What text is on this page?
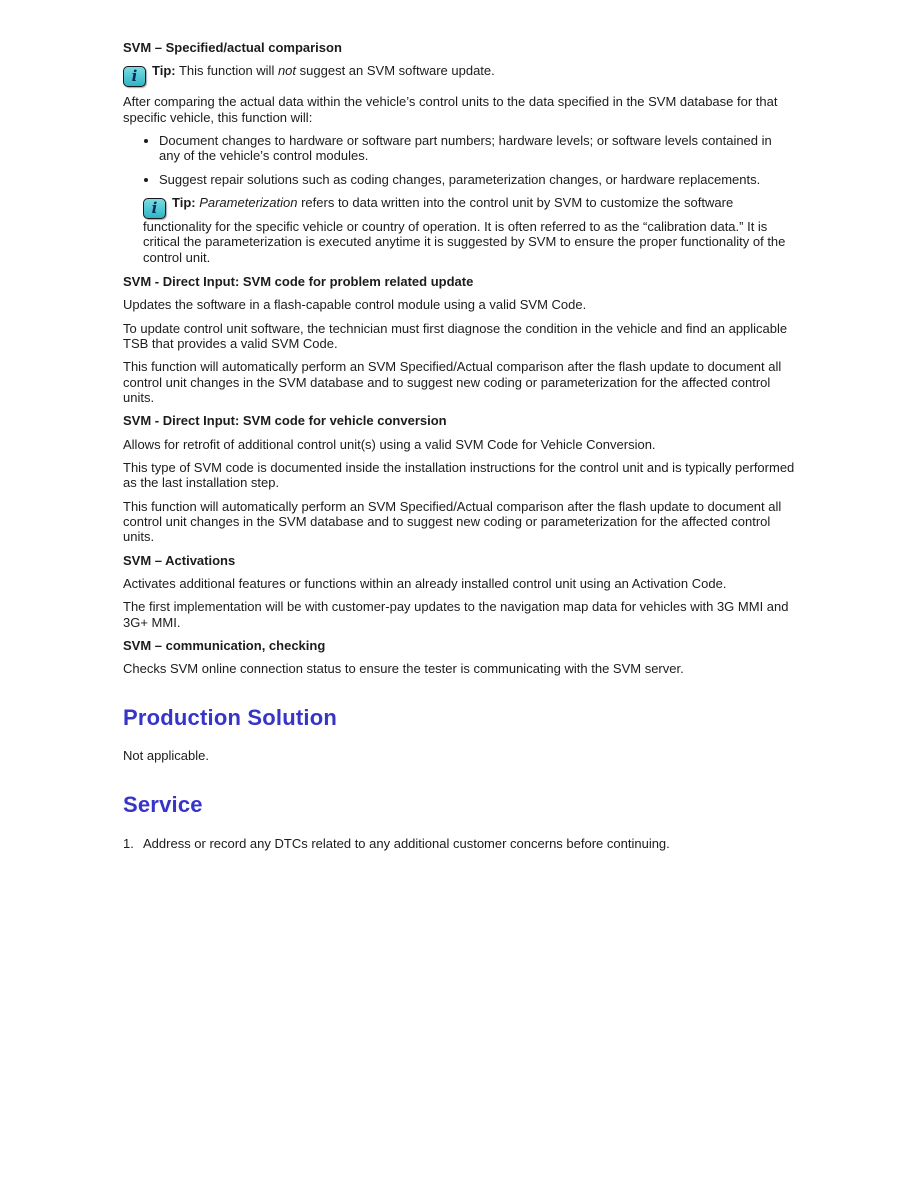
SVM – Specified/actual comparison

i Tip: This function will not suggest an SVM software update.

After comparing the actual data within the vehicle’s control units to the data specified in the SVM database for that specific vehicle, this function will:

• Document changes to hardware or software part numbers; hardware levels; or software levels contained in any of the vehicle’s control modules.
• Suggest repair solutions such as coding changes, parameterization changes, or hardware replacements.

i Tip: Parameterization refers to data written into the control unit by SVM to customize the software functionality for the specific vehicle or country of operation. It is often referred to as the “calibration data.” It is critical the parameterization is executed anytime it is suggested by SVM to ensure the proper functionality of the control unit.

SVM - Direct Input: SVM code for problem related update

Updates the software in a flash-capable control module using a valid SVM Code.

To update control unit software, the technician must first diagnose the condition in the vehicle and find an applicable TSB that provides a valid SVM Code.

This function will automatically perform an SVM Specified/Actual comparison after the flash update to document all control unit changes in the SVM database and to suggest new coding or parameterization for the affected control units.

SVM - Direct Input: SVM code for vehicle conversion

Allows for retrofit of additional control unit(s) using a valid SVM Code for Vehicle Conversion.

This type of SVM code is documented inside the installation instructions for the control unit and is typically performed as the last installation step.

This function will automatically perform an SVM Specified/Actual comparison after the flash update to document all control unit changes in the SVM database and to suggest new coding or parameterization for the affected control units.

SVM – Activations

Activates additional features or functions within an already installed control unit using an Activation Code.

The first implementation will be with customer-pay updates to the navigation map data for vehicles with 3G MMI and 3G+ MMI.

SVM – communication, checking

Checks SVM online connection status to ensure the tester is communicating with the SVM server.

Production Solution

Not applicable.

Service
1. Address or record any DTCs related to any additional customer concerns before continuing.
